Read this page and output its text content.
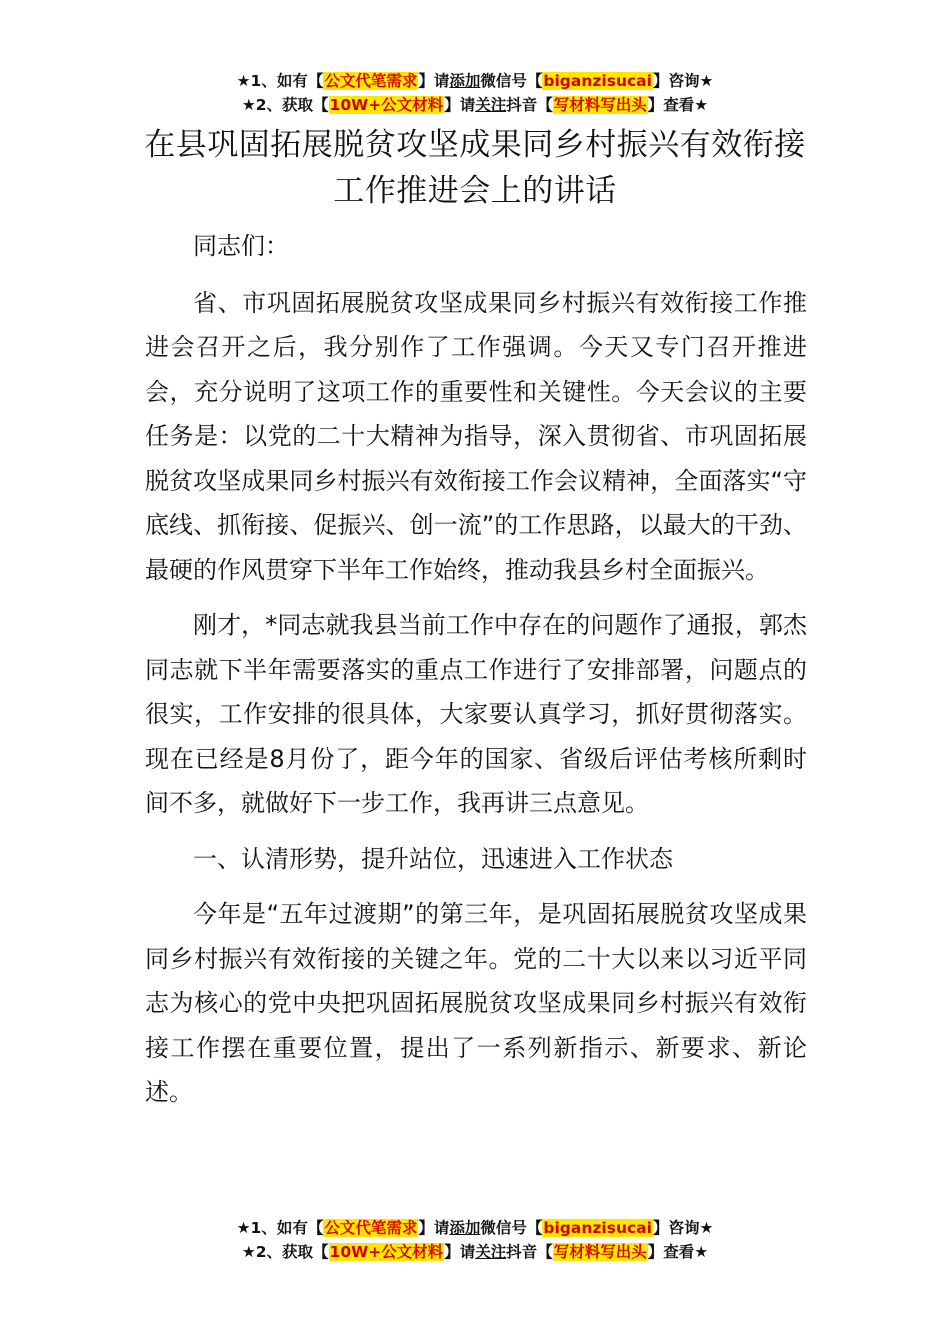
★1、如有【公文代笔需求】请添加微信号【biganzisucai】咨询★
★2、获取【10W+公文材料】请关注抖音【写材料写出头】查看★
在县巩固拓展脱贫攻坚成果同乡村振兴有效衔接工作推进会上的讲话

同志们：

省、市巩固拓展脱贫攻坚成果同乡村振兴有效衔接工作推进会召开之后，我分别作了工作强调。今天又专门召开推进会，充分说明了这项工作的重要性和关键性。今天会议的主要任务是：以党的二十大精神为指导，深入贯彻省、市巩固拓展脱贫攻坚成果同乡村振兴有效衔接工作会议精神，全面落实“守底线、抓衔接、促振兴、创一流”的工作思路，以最大的干劲、最硬的作风贯穿下半年工作始终，推动我县乡村全面振兴。

刚才，*同志就我县当前工作中存在的问题作了通报，郭杰同志就下半年需要落实的重点工作进行了安排部署，问题点的很实，工作安排的很具体，大家要认真学习，抓好贯彻落实。现在已经是8月份了，距今年的国家、省级后评估考核所剩时间不多，就做好下一步工作，我再讲三点意见。

一、认清形势，提升站位，迅速进入工作状态

今年是“五年过渡期”的第三年，是巩固拓展脱贫攻坚成果同乡村振兴有效衔接的关键之年。党的二十大以来以习近平同志为核心的党中央把巩固拓展脱贫攻坚成果同乡村振兴有效衔接工作摆在重要位置，提出了一系列新指示、新要求、新论述。

★1、如有【公文代笔需求】请添加微信号【biganzisucai】咨询★
★2、获取【10W+公文材料】请关注抖音【写材料写出头】查看★
